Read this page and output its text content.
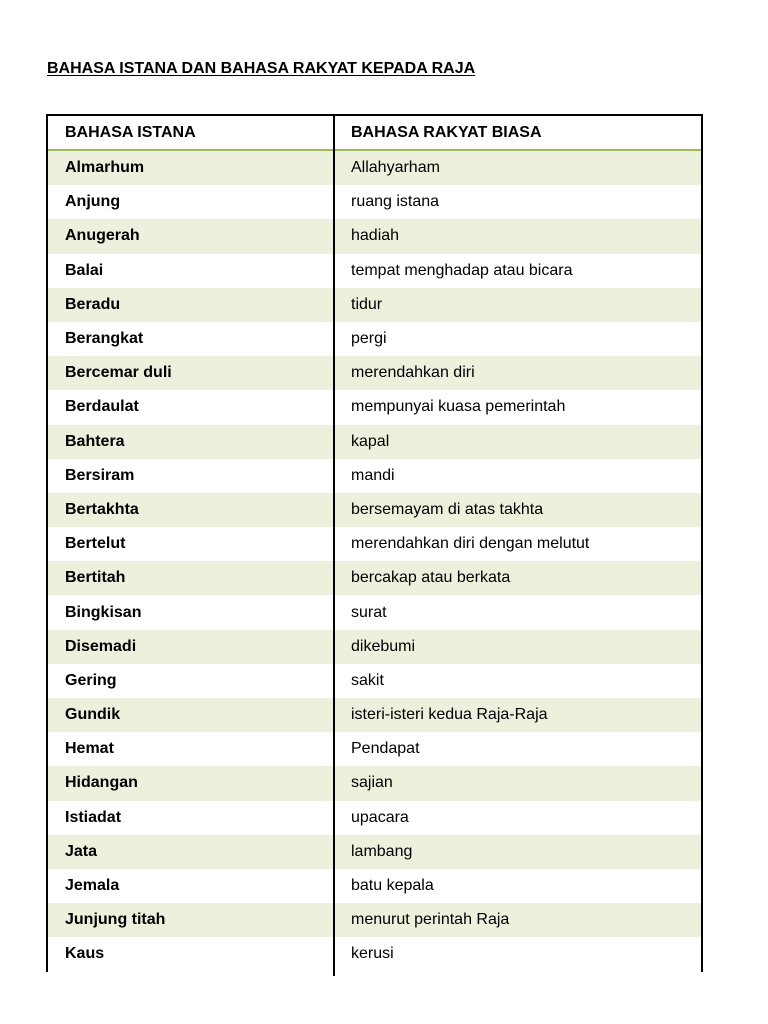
BAHASA ISTANA DAN BAHASA RAKYAT KEPADA RAJA
BAHASA ISTANA	BAHASA RAKYAT BIASA
Almarhum	Allahyarham
Anjung	ruang istana
Anugerah	hadiah
Balai	tempat menghadap atau bicara
Beradu	tidur
Berangkat	pergi
Bercemar duli	merendahkan diri
Berdaulat	mempunyai kuasa pemerintah
Bahtera	kapal
Bersiram	mandi
Bertakhta	bersemayam di atas takhta
Bertelut	merendahkan diri dengan melutut
Bertitah	bercakap atau berkata
Bingkisan	surat
Disemadi	dikebumi
Gering	sakit
Gundik	isteri-isteri kedua Raja-Raja
Hemat	Pendapat
Hidangan	sajian
Istiadat	upacara
Jata	lambang
Jemala	batu kepala
Junjung titah	menurut perintah Raja
Kaus	kerusi
